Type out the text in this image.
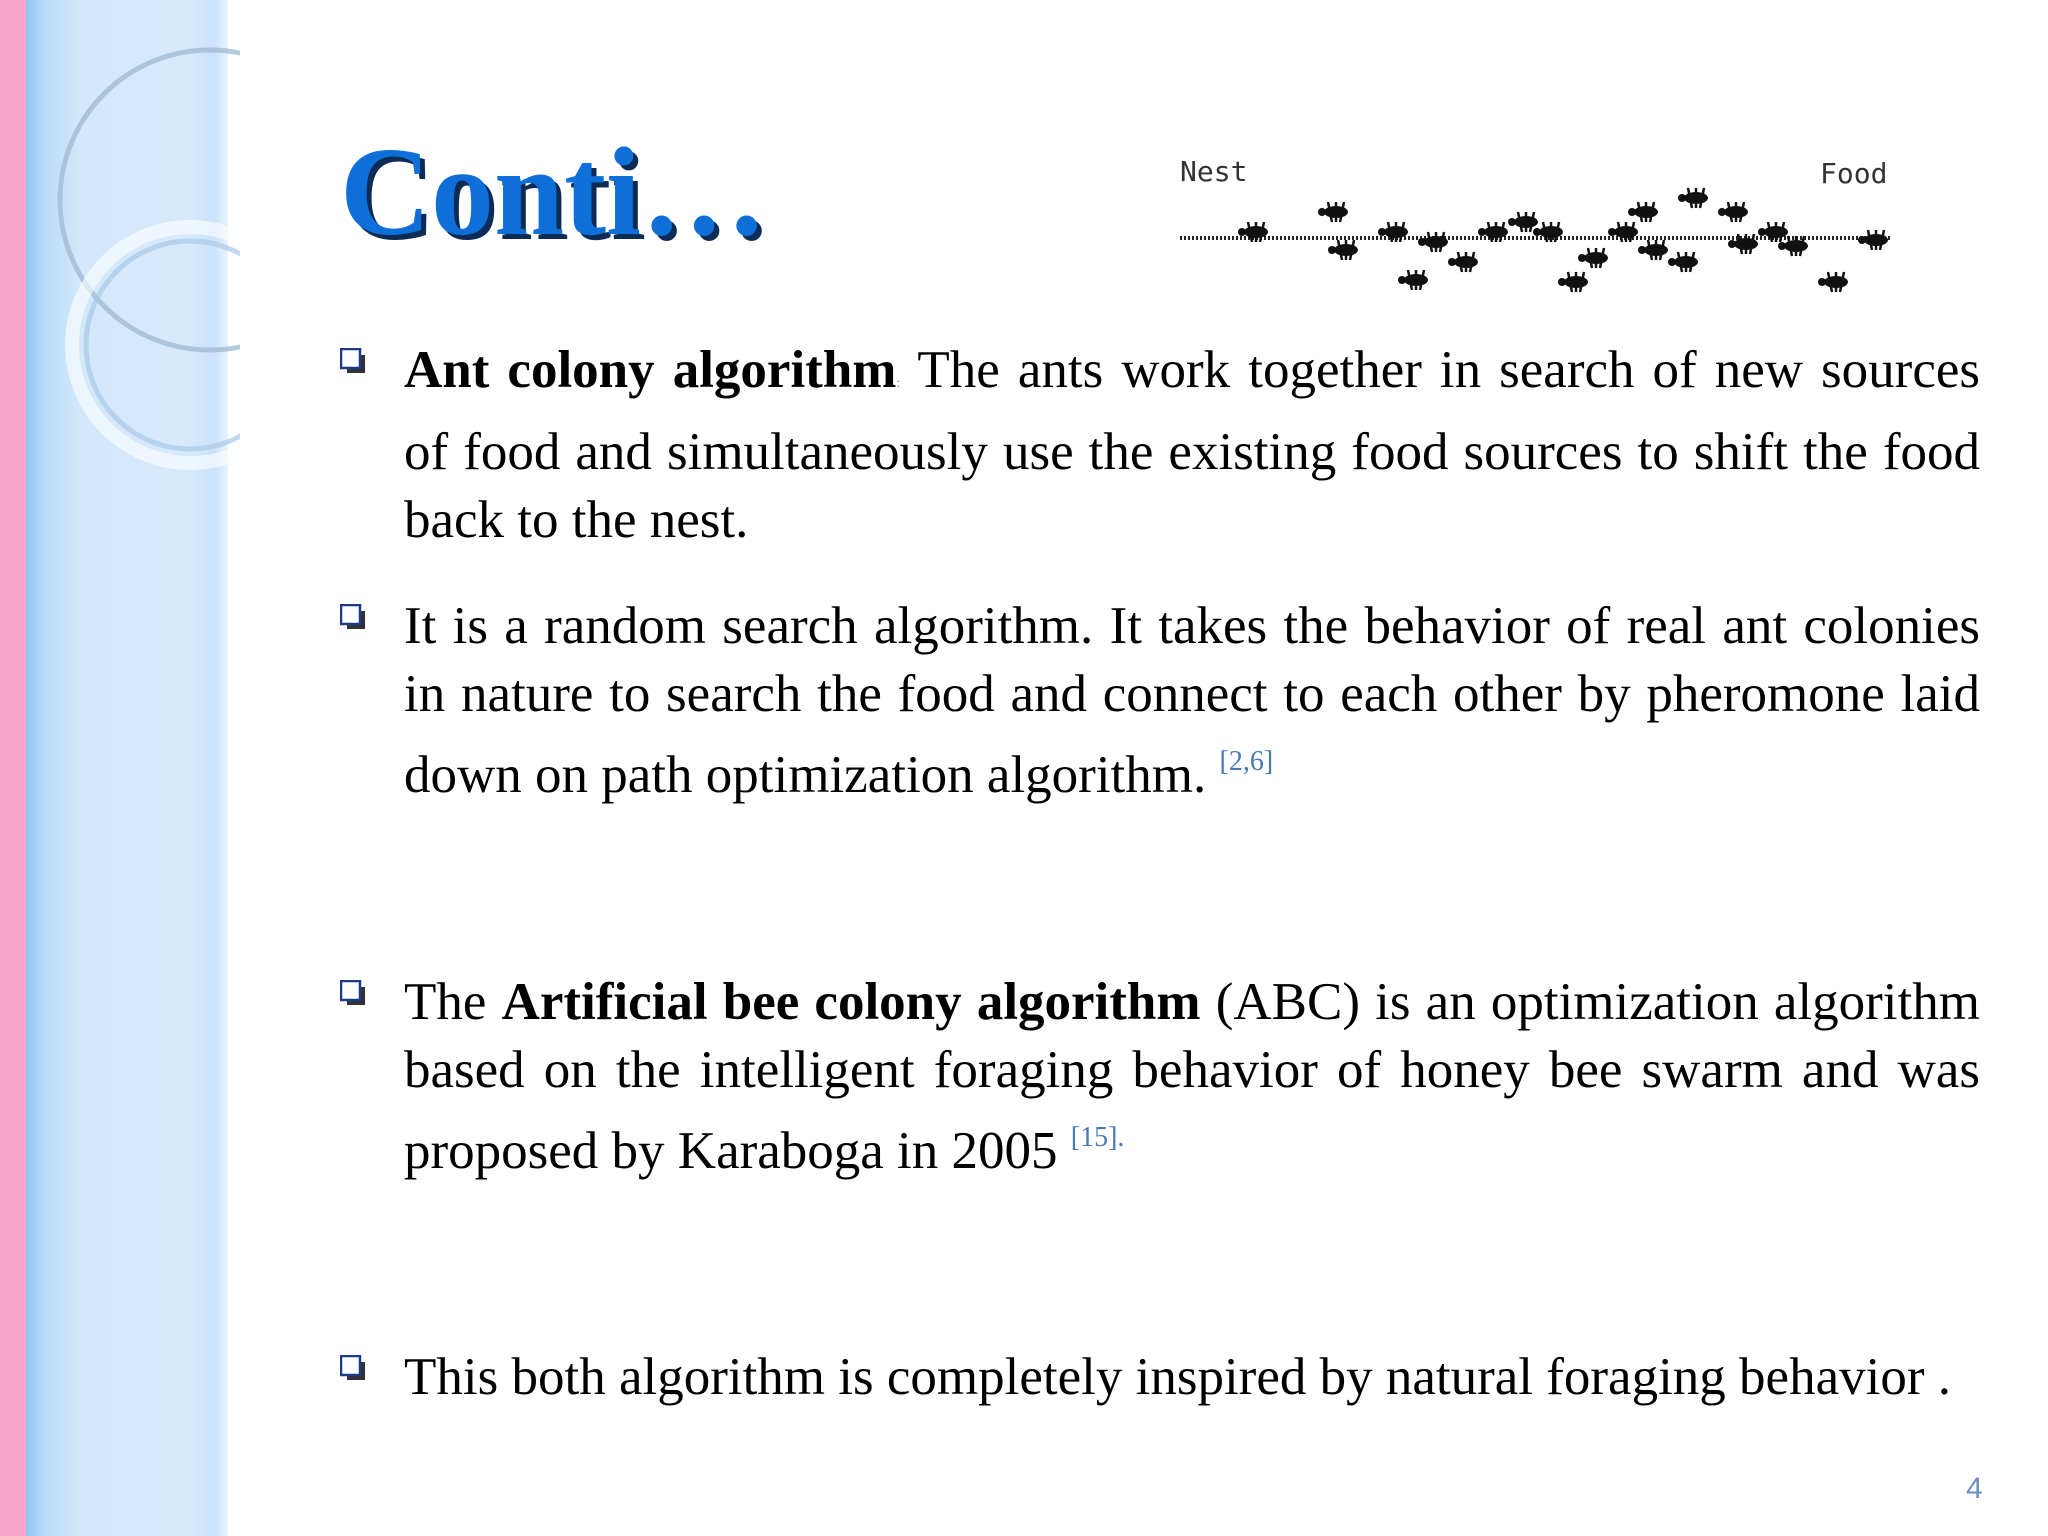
Conti…	Nest	Food
Ant colony algorithm: The ants work together in search of new sources of food and simultaneously use the existing food sources to shift the food back to the nest.
It is a random search algorithm. It takes the behavior of real ant colonies in nature to search the food and connect to each other by pheromone laid down on path optimization algorithm. [2,6]
The Artificial bee colony algorithm (ABC) is an optimization algorithm based on the intelligent foraging behavior of honey bee swarm and was proposed by Karaboga in 2005 $^{[15].}$
This both algorithm is completely inspired by natural foraging behavior .
4
